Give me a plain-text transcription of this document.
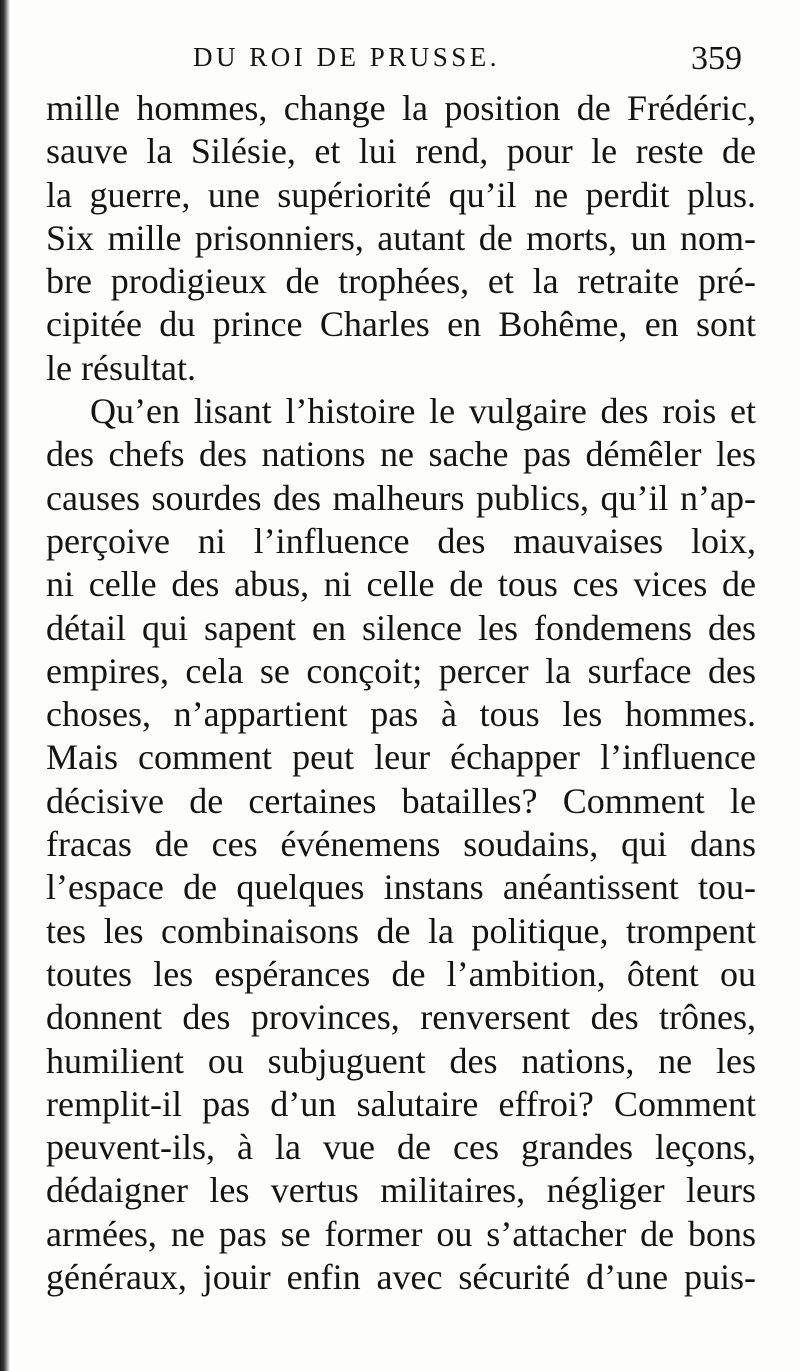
DU ROI DE PRUSSE.	359
mille hommes, change la position de Frédéric,
sauve la Silésie, et lui rend, pour le reste de
la guerre, une supériorité qu’il ne perdit plus.
Six mille prisonniers, autant de morts, un nom-
bre prodigieux de trophées, et la retraite pré-
cipitée du prince Charles en Bohême, en sont
le résultat.
Qu’en lisant l’histoire le vulgaire des rois et
des chefs des nations ne sache pas démêler les
causes sourdes des malheurs publics, qu’il n’ap-
perçoive ni l’influence des mauvaises loix,
ni celle des abus, ni celle de tous ces vices de
détail qui sapent en silence les fondemens des
empires, cela se conçoit; percer la surface des
choses, n’appartient pas à tous les hommes.
Mais comment peut leur échapper l’influence
décisive de certaines batailles? Comment le
fracas de ces événemens soudains, qui dans
l’espace de quelques instans anéantissent tou-
tes les combinaisons de la politique, trompent
toutes les espérances de l’ambition, ôtent ou
donnent des provinces, renversent des trônes,
humilient ou subjuguent des nations, ne les
remplit-il pas d’un salutaire effroi? Comment
peuvent-ils, à la vue de ces grandes leçons,
dédaigner les vertus militaires, négliger leurs
armées, ne pas se former ou s’attacher de bons
généraux, jouir enfin avec sécurité d’une puis-
